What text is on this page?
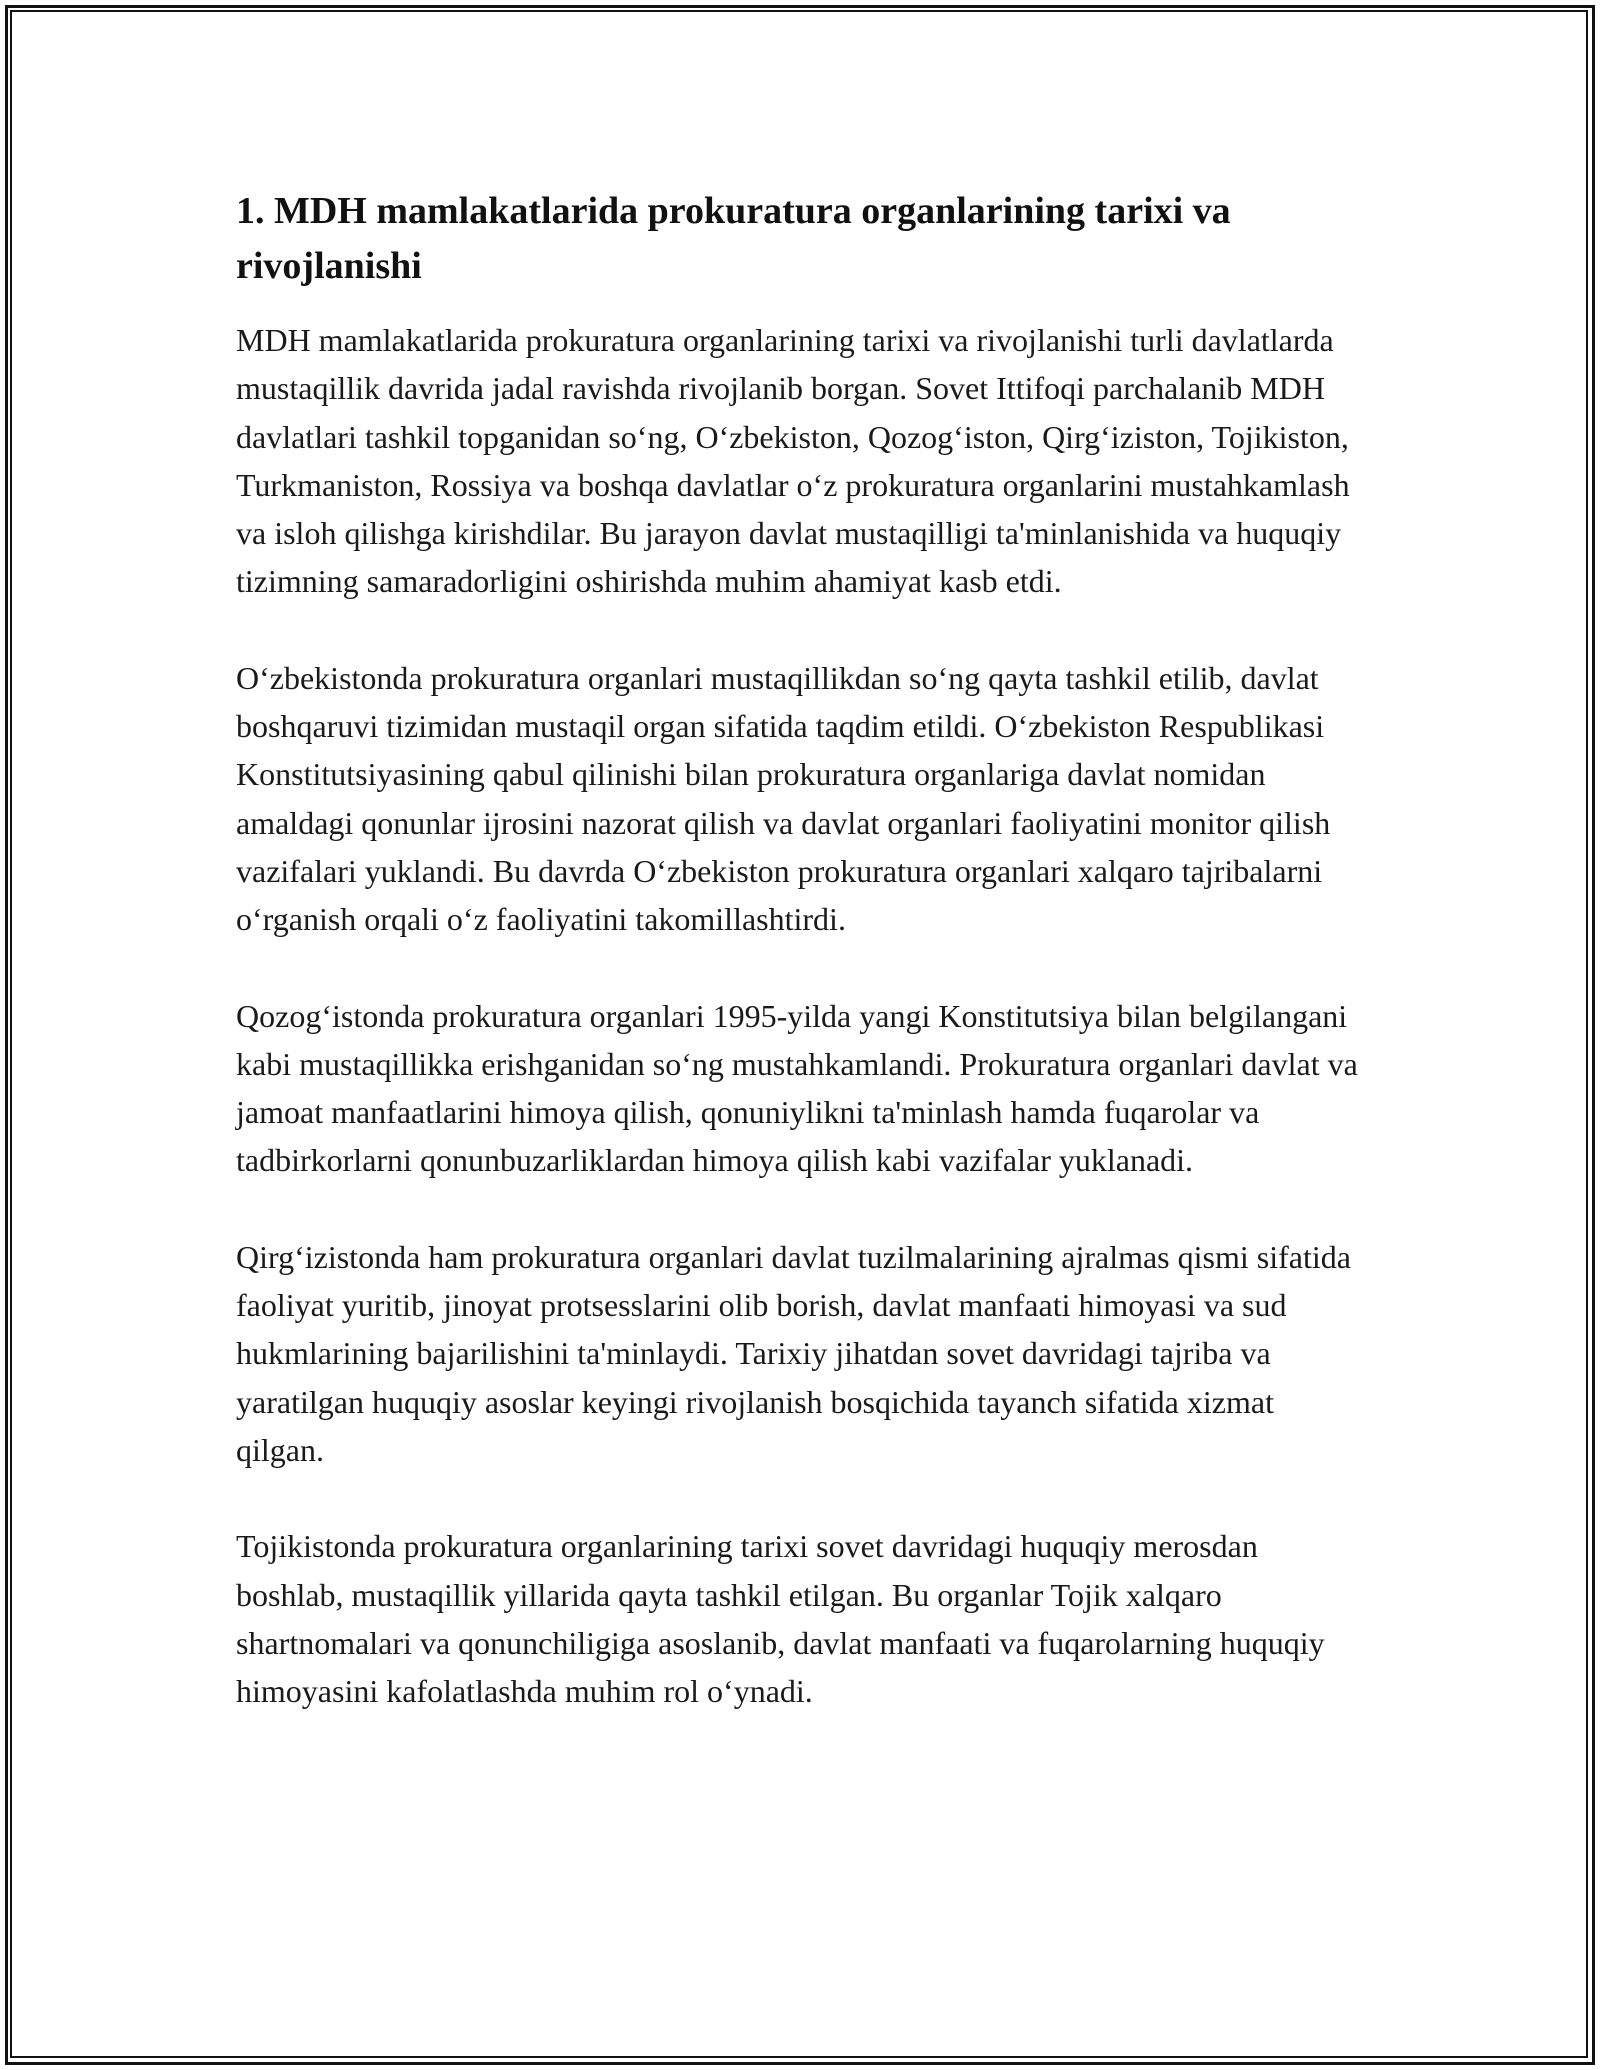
1. MDH mamlakatlarida prokuratura organlarining tarixi va rivojlanishi

MDH mamlakatlarida prokuratura organlarining tarixi va rivojlanishi turli davlatlarda mustaqillik davrida jadal ravishda rivojlanib borgan. Sovet Ittifoqi parchalanib MDH davlatlari tashkil topganidan so‘ng, O‘zbekiston, Qozog‘iston, Qirg‘iziston, Tojikiston, Turkmaniston, Rossiya va boshqa davlatlar o‘z prokuratura organlarini mustahkamlash va isloh qilishga kirishdilar. Bu jarayon davlat mustaqilligi ta'minlanishida va huquqiy tizimning samaradorligini oshirishda muhim ahamiyat kasb etdi.

O‘zbekistonda prokuratura organlari mustaqillikdan so‘ng qayta tashkil etilib, davlat boshqaruvi tizimidan mustaqil organ sifatida taqdim etildi. O‘zbekiston Respublikasi Konstitutsiyasining qabul qilinishi bilan prokuratura organlariga davlat nomidan amaldagi qonunlar ijrosini nazorat qilish va davlat organlari faoliyatini monitor qilish vazifalari yuklandi. Bu davrda O‘zbekiston prokuratura organlari xalqaro tajribalarni o‘rganish orqali o‘z faoliyatini takomillashtirdi.

Qozog‘istonda prokuratura organlari 1995-yilda yangi Konstitutsiya bilan belgilangani kabi mustaqillikka erishganidan so‘ng mustahkamlandi. Prokuratura organlari davlat va jamoat manfaatlarini himoya qilish, qonuniylikni ta'minlash hamda fuqarolar va tadbirkorlarni qonunbuzarliklardan himoya qilish kabi vazifalar yuklanadi.

Qirg‘izistonda ham prokuratura organlari davlat tuzilmalarining ajralmas qismi sifatida faoliyat yuritib, jinoyat protsesslarini olib borish, davlat manfaati himoyasi va sud hukmlarining bajarilishini ta'minlaydi. Tarixiy jihatdan sovet davridagi tajriba va yaratilgan huquqiy asoslar keyingi rivojlanish bosqichida tayanch sifatida xizmat qilgan.

Tojikistonda prokuratura organlarining tarixi sovet davridagi huquqiy merosdan boshlab, mustaqillik yillarida qayta tashkil etilgan. Bu organlar Tojik xalqaro shartnomalari va qonunchiligiga asoslanib, davlat manfaati va fuqarolarning huquqiy himoyasini kafolatlashda muhim rol o‘ynadi.
